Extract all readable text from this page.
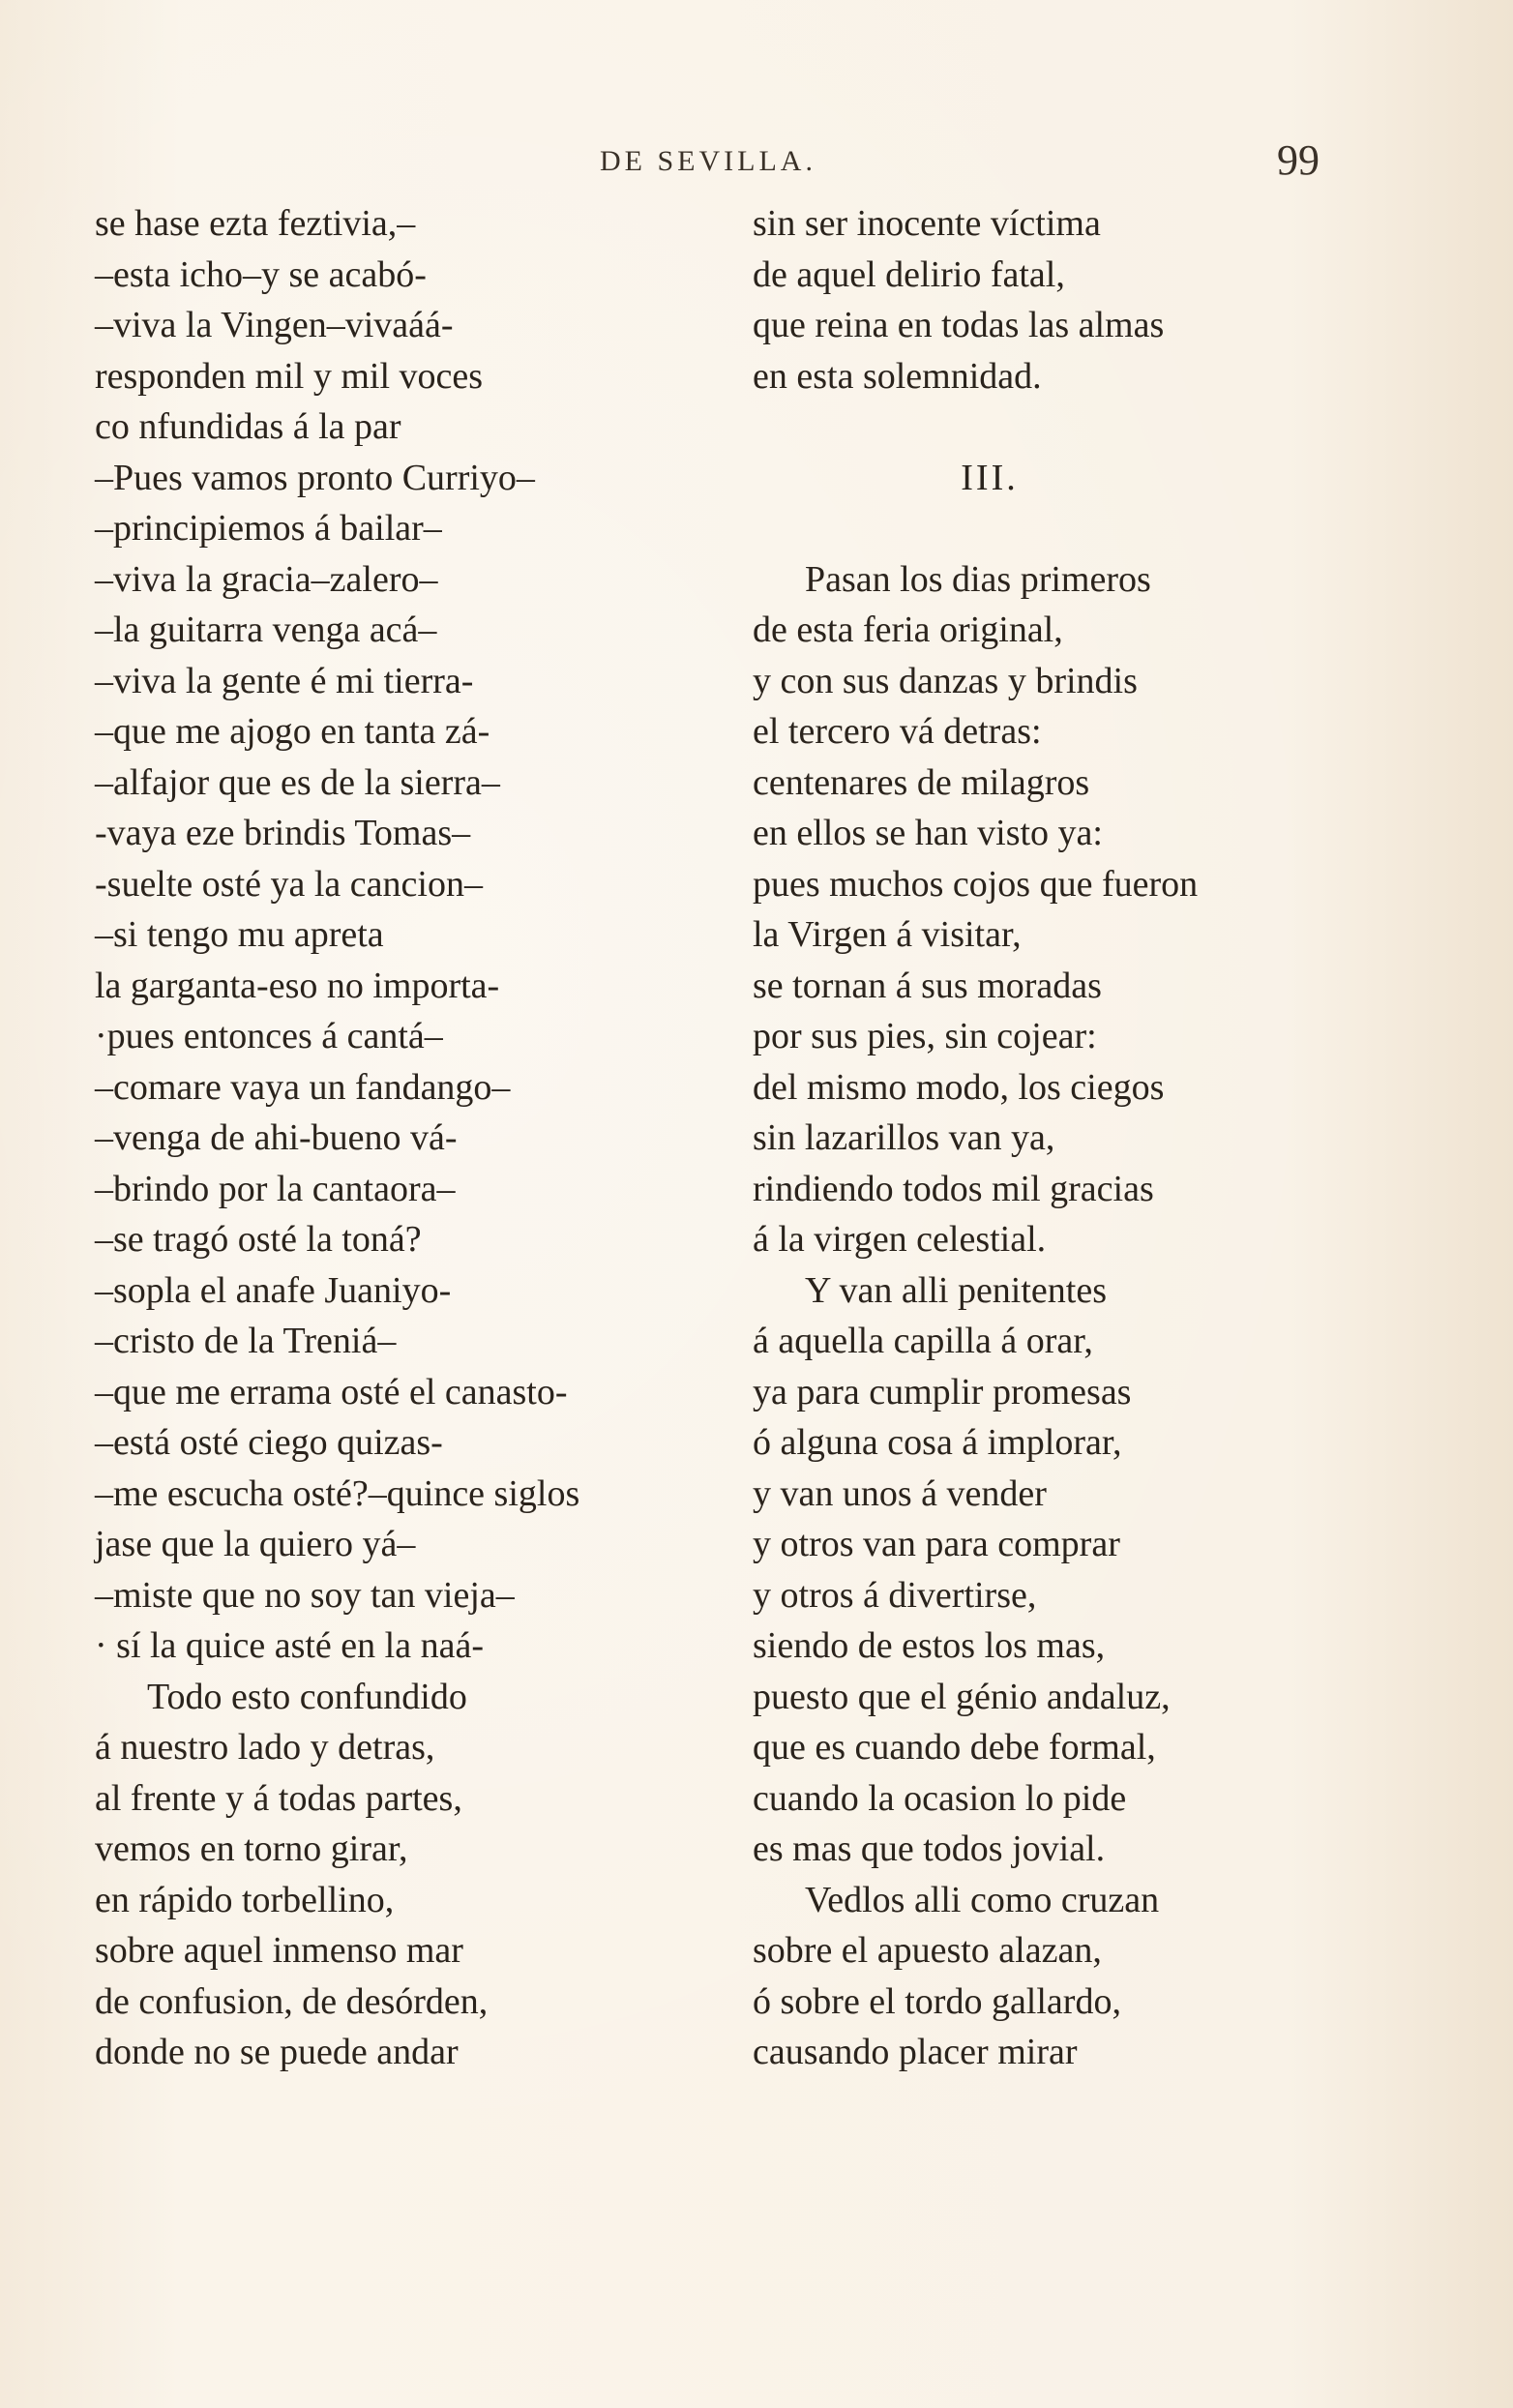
DE SEVILLA.	99
se hase ezta feztivia,–
–esta icho–y se acabó-
–viva la Vingen–vivaáá-
responden mil y mil voces
co nfundidas á la par
–Pues vamos pronto Curriyo–
–principiemos á bailar–
–viva la gracia–zalero–
–la guitarra venga acá–
–viva la gente é mi tierra-
–que me ajogo en tanta zá-
–alfajor que es de la sierra–
-vaya eze brindis Tomas–
-suelte osté ya la cancion–
–si tengo mu apreta
la garganta-eso no importa-
·pues entonces á cantá–
–comare vaya un fandango–
–venga de ahi-bueno vá-
–brindo por la cantaora–
–se tragó osté la toná?
–sopla el anafe Juaniyo-
–cristo de la Treniá–
–que me errama osté el canasto-
–está osté ciego quizas-
–me escucha osté?–quince siglos
jase que la quiero yá–
–miste que no soy tan vieja–
· sí la quice asté en la naá-
Todo esto confundido
á nuestro lado y detras,
al frente y á todas partes,
vemos en torno girar,
en rápido torbellino,
sobre aquel inmenso mar
de confusion, de desórden,
donde no se puede andar
sin ser inocente víctima
de aquel delirio fatal,
que reina en todas las almas
en esta solemnidad.
III.
Pasan los dias primeros
de esta feria original,
y con sus danzas y brindis
el tercero vá detras:
centenares de milagros
en ellos se han visto ya:
pues muchos cojos que fueron
la Virgen á visitar,
se tornan á sus moradas
por sus pies, sin cojear:
del mismo modo, los ciegos
sin lazarillos van ya,
rindiendo todos mil gracias
á la virgen celestial.
Y van alli penitentes
á aquella capilla á orar,
ya para cumplir promesas
ó alguna cosa á implorar,
y van unos á vender
y otros van para comprar
y otros á divertirse,
siendo de estos los mas,
puesto que el génio andaluz,
que es cuando debe formal,
cuando la ocasion lo pide
es mas que todos jovial.
Vedlos alli como cruzan
sobre el apuesto alazan,
ó sobre el tordo gallardo,
causando placer mirar
